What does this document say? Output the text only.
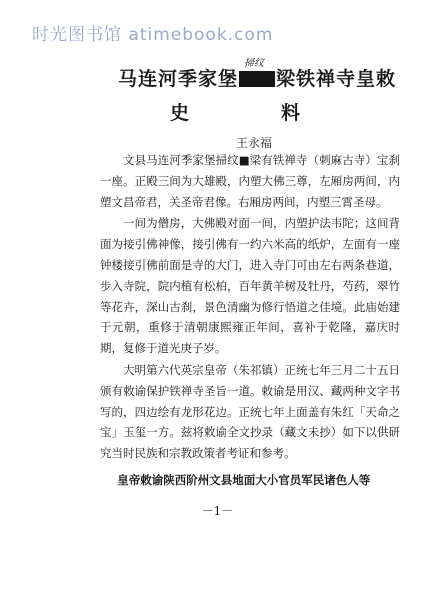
时光图书馆 atimebook.com
马连河季家堡 梁铁禅寺皇敕
掃纹
史	料
王永福

文县马连河季家堡掃纹■梁有铁禅寺（刺麻古寺）宝刹一座。正殿三间为大雄殿，内塑大佛三尊，左厢房两间，内塑文昌帝君，关圣帝君像。右厢房两间，内塑三霄圣母。

一间为僧房，大佛殿对面一间，内塑护法韦陀；这间背面为接引佛神像，接引佛有一约六米高的纸炉，左面有一座钟楼接引佛前面是寺的大门，进入寺门可由左右两条巷道，步入寺院，院内植有松柏，百年黄羊树及牡丹，芍药，翠竹等花卉，深山古刹，景色清幽为修行悟道之佳境。此庙始建于元朝，重修于清朝康熙雍正年间，喜补于乾隆，嘉庆时期，复修于道光庚子岁。

大明第六代英宗皇帝（朱祁镇）正统七年三月二十五日颁有敕谕保护铁禅寺圣旨一道。敕谕是用汉、藏两种文字书写的，四边绘有龙形花边。正统七年上面盖有朱红「天命之宝」玉玺一方。兹将敕谕全文抄录（藏文未抄）如下以供研究当时民族和宗教政策者考证和参考。

皇帝敕谕陕西阶州文县地面大小官员军民诸色人等

－1－
